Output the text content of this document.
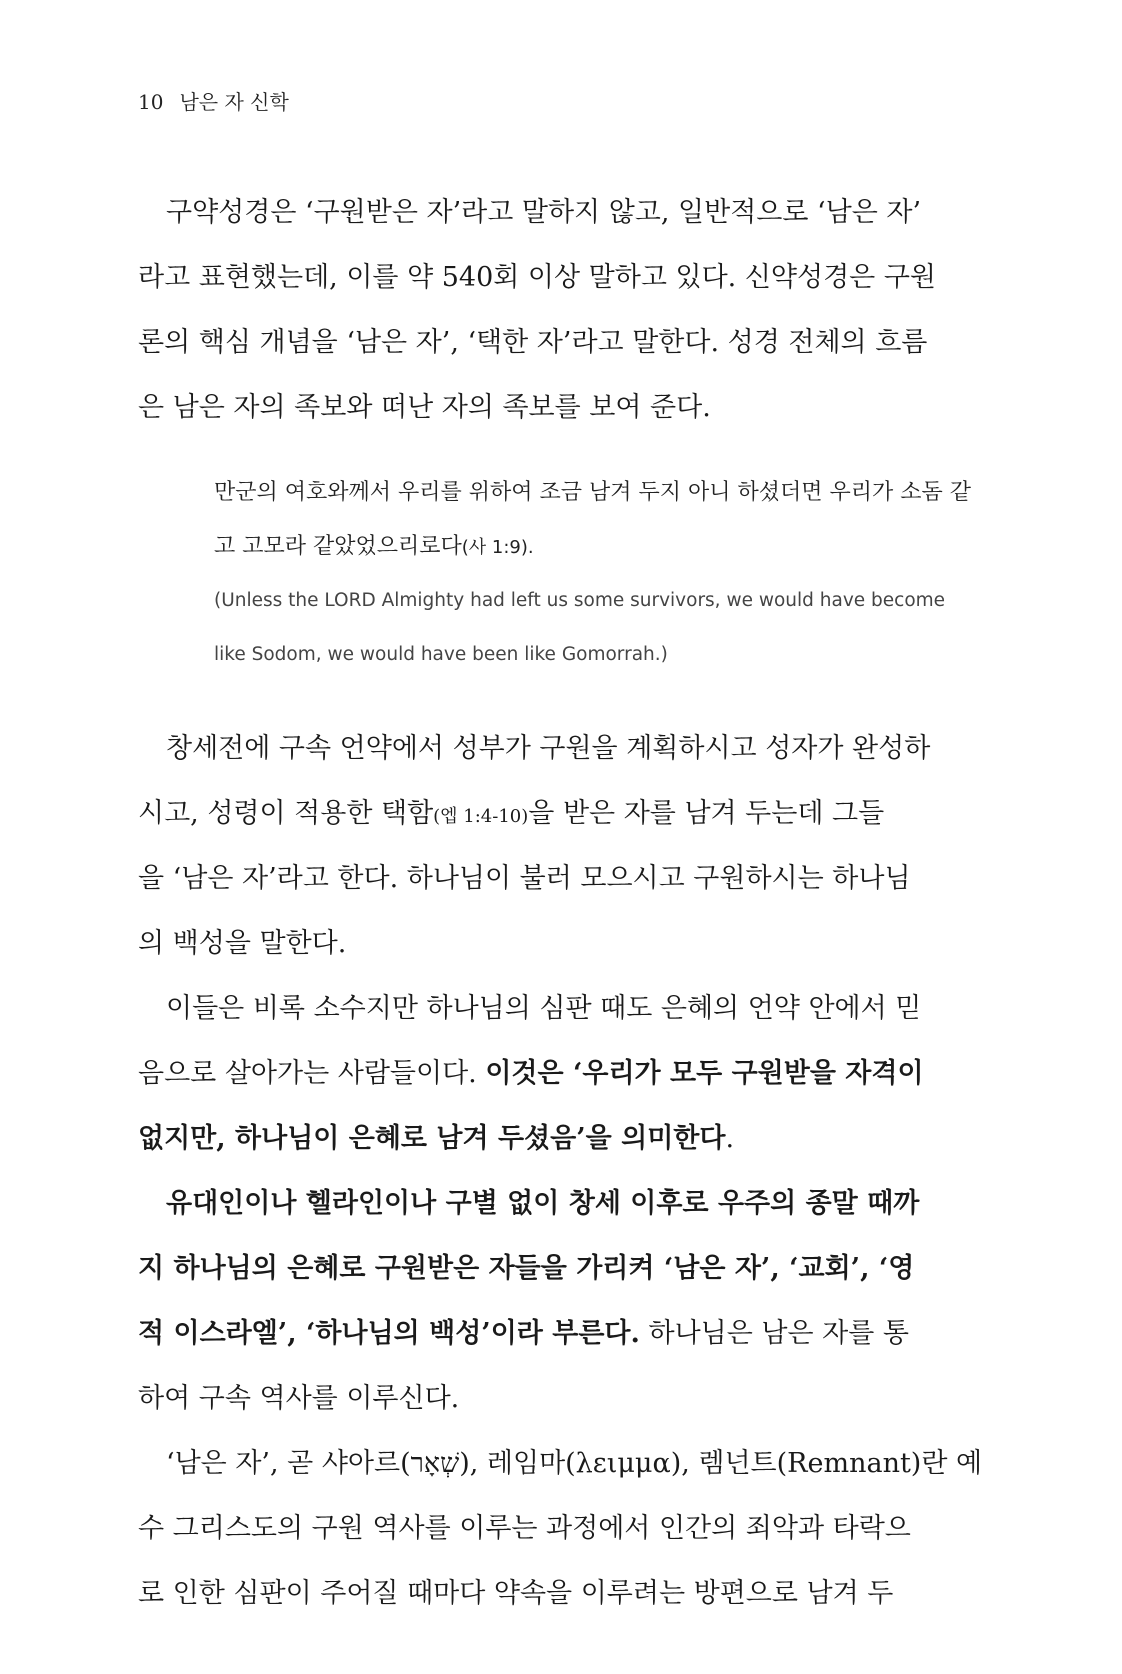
10 남은 자 신학

구약성경은 ‘구원받은 자’라고 말하지 않고, 일반적으로 ‘남은 자’
라고 표현했는데, 이를 약 540회 이상 말하고 있다. 신약성경은 구원
론의 핵심 개념을 ‘남은 자’, ‘택한 자’라고 말한다. 성경 전체의 흐름
은 남은 자의 족보와 떠난 자의 족보를 보여 준다.

만군의 여호와께서 우리를 위하여 조금 남겨 두지 아니 하셨더면 우리가 소돔 같
고 고모라 같았었으리로다(사 1:9).
(Unless the LORD Almighty had left us some survivors, we would have become
like Sodom, we would have been like Gomorrah.)

창세전에 구속 언약에서 성부가 구원을 계획하시고 성자가 완성하
시고, 성령이 적용한 택함(엡 1:4-10)을 받은 자를 남겨 두는데 그들
을 ‘남은 자’라고 한다. 하나님이 불러 모으시고 구원하시는 하나님
의 백성을 말한다.

이들은 비록 소수지만 하나님의 심판 때도 은혜의 언약 안에서 믿
음으로 살아가는 사람들이다. 이것은 ‘우리가 모두 구원받을 자격이
없지만, 하나님이 은혜로 남겨 두셨음’을 의미한다.

유대인이나 헬라인이나 구별 없이 창세 이후로 우주의 종말 때까
지 하나님의 은혜로 구원받은 자들을 가리켜 ‘남은 자’, ‘교회’, ‘영
적 이스라엘’, ‘하나님의 백성’이라 부른다. 하나님은 남은 자를 통
하여 구속 역사를 이루신다.

‘남은 자’, 곧 샤아르(שְׁאָר), 레임마(λειμμα), 렘넌트(Remnant)란 예
수 그리스도의 구원 역사를 이루는 과정에서 인간의 죄악과 타락으
로 인한 심판이 주어질 때마다 약속을 이루려는 방편으로 남겨 두
